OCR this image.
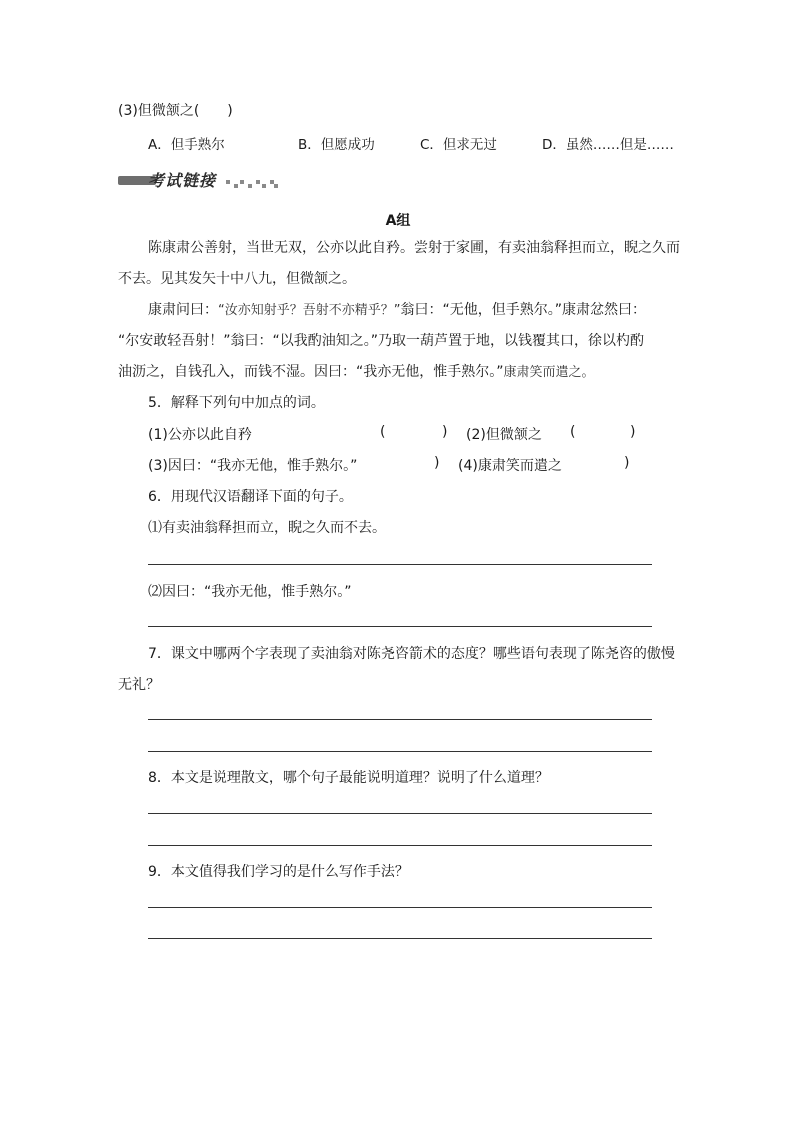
(3)但微颔之(　　)
A．但手熟尔	B．但愿成功	C．但求无过	D．虽然……但是……
考试链接
A组
陈康肃公善射，当世无双，公亦以此自矜。尝射于家圃，有卖油翁释担而立，睨之久而
不去。见其发矢十中八九，但微颔之。
康肃问曰：“汝亦知射乎？吾射不亦精乎？”翁曰：“无他，但手熟尔。”康肃忿然曰：
“尔安敢轻吾射！”翁曰：“以我酌油知之。”乃取一葫芦置于地，以钱覆其口，徐以杓酌
油沥之，自钱孔入，而钱不湿。因曰：“我亦无他，惟手熟尔。”康肃笑而遣之。
5．解释下列句中加点的词。
(1)公亦以此自矜	(	) (2)但微颔之 (	)
(3)因曰：“我亦无他，惟手熟尔。”	) (4)康肃笑而遣之	)
6．用现代汉语翻译下面的句子。
⑴有卖油翁释担而立，睨之久而不去。
⑵因曰：“我亦无他，惟手熟尔。”
7．课文中哪两个字表现了卖油翁对陈尧咨箭术的态度？哪些语句表现了陈尧咨的傲慢
无礼？
8．本文是说理散文，哪个句子最能说明道理？说明了什么道理？
9．本文值得我们学习的是什么写作手法？
